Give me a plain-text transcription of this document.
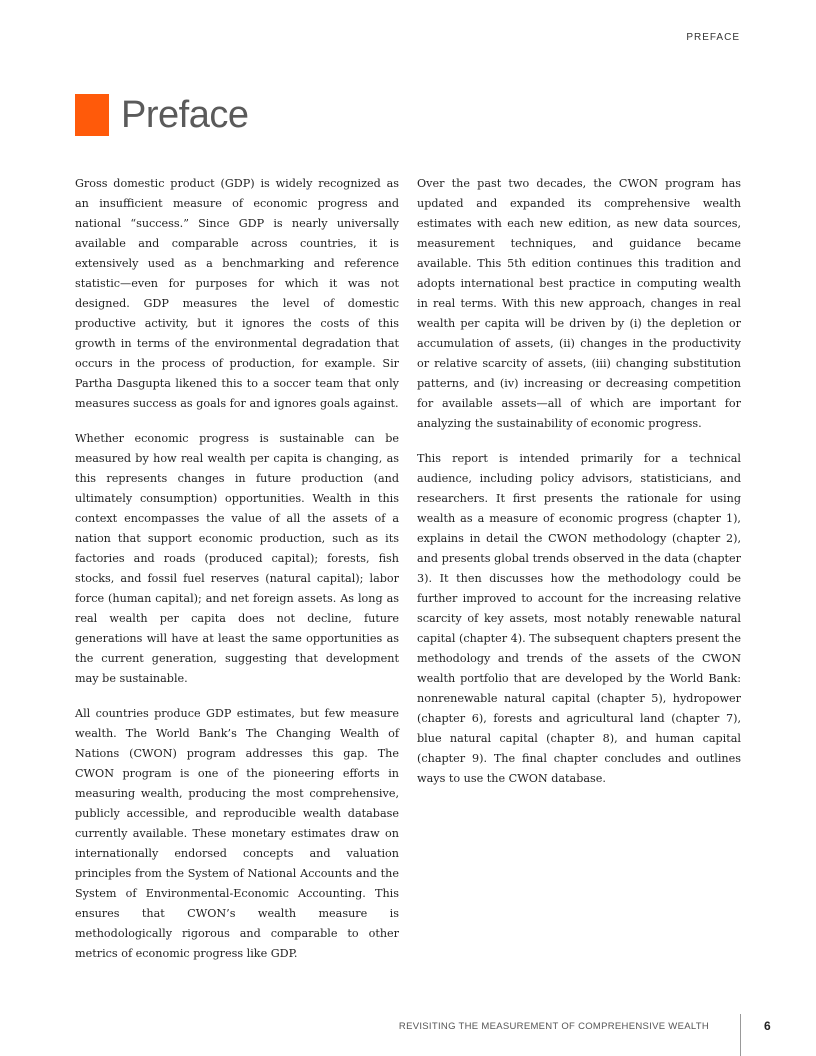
PREFACE
Preface

Gross domestic product (GDP) is widely recognized as an insufficient measure of economic progress and national “success.” Since GDP is nearly universally available and comparable across countries, it is extensively used as a benchmarking and reference statistic—even for purposes for which it was not designed. GDP measures the level of domestic productive activity, but it ignores the costs of this growth in terms of the environmental degradation that occurs in the process of production, for example. Sir Partha Dasgupta likened this to a soccer team that only measures success as goals for and ignores goals against.

Whether economic progress is sustainable can be measured by how real wealth per capita is changing, as this represents changes in future production (and ultimately consumption) opportunities. Wealth in this context encompasses the value of all the assets of a nation that support economic production, such as its factories and roads (produced capital); forests, fish stocks, and fossil fuel reserves (natural capital); labor force (human capital); and net foreign assets. As long as real wealth per capita does not decline, future generations will have at least the same opportunities as the current generation, suggesting that development may be sustainable.

All countries produce GDP estimates, but few measure wealth. The World Bank’s The Changing Wealth of Nations (CWON) program addresses this gap. The CWON program is one of the pioneering efforts in measuring wealth, producing the most comprehensive, publicly accessible, and reproducible wealth database currently available. These monetary estimates draw on internationally endorsed concepts and valuation principles from the System of National Accounts and the System of Environmental-Economic Accounting. This ensures that CWON’s wealth measure is methodologically rigorous and comparable to other metrics of economic progress like GDP.

Over the past two decades, the CWON program has updated and expanded its comprehensive wealth estimates with each new edition, as new data sources, measurement techniques, and guidance became available. This 5th edition continues this tradition and adopts international best practice in computing wealth in real terms. With this new approach, changes in real wealth per capita will be driven by (i) the depletion or accumulation of assets, (ii) changes in the productivity or relative scarcity of assets, (iii) changing substitution patterns, and (iv) increasing or decreasing competition for available assets—all of which are important for analyzing the sustainability of economic progress.

This report is intended primarily for a technical audience, including policy advisors, statisticians, and researchers. It first presents the rationale for using wealth as a measure of economic progress (chapter 1), explains in detail the CWON methodology (chapter 2), and presents global trends observed in the data (chapter 3). It then discusses how the methodology could be further improved to account for the increasing relative scarcity of key assets, most notably renewable natural capital (chapter 4). The subsequent chapters present the methodology and trends of the assets of the CWON wealth portfolio that are developed by the World Bank: nonrenewable natural capital (chapter 5), hydropower (chapter 6), forests and agricultural land (chapter 7), blue natural capital (chapter 8), and human capital (chapter 9). The final chapter concludes and outlines ways to use the CWON database.

REVISITING THE MEASUREMENT OF COMPREHENSIVE WEALTH	6
